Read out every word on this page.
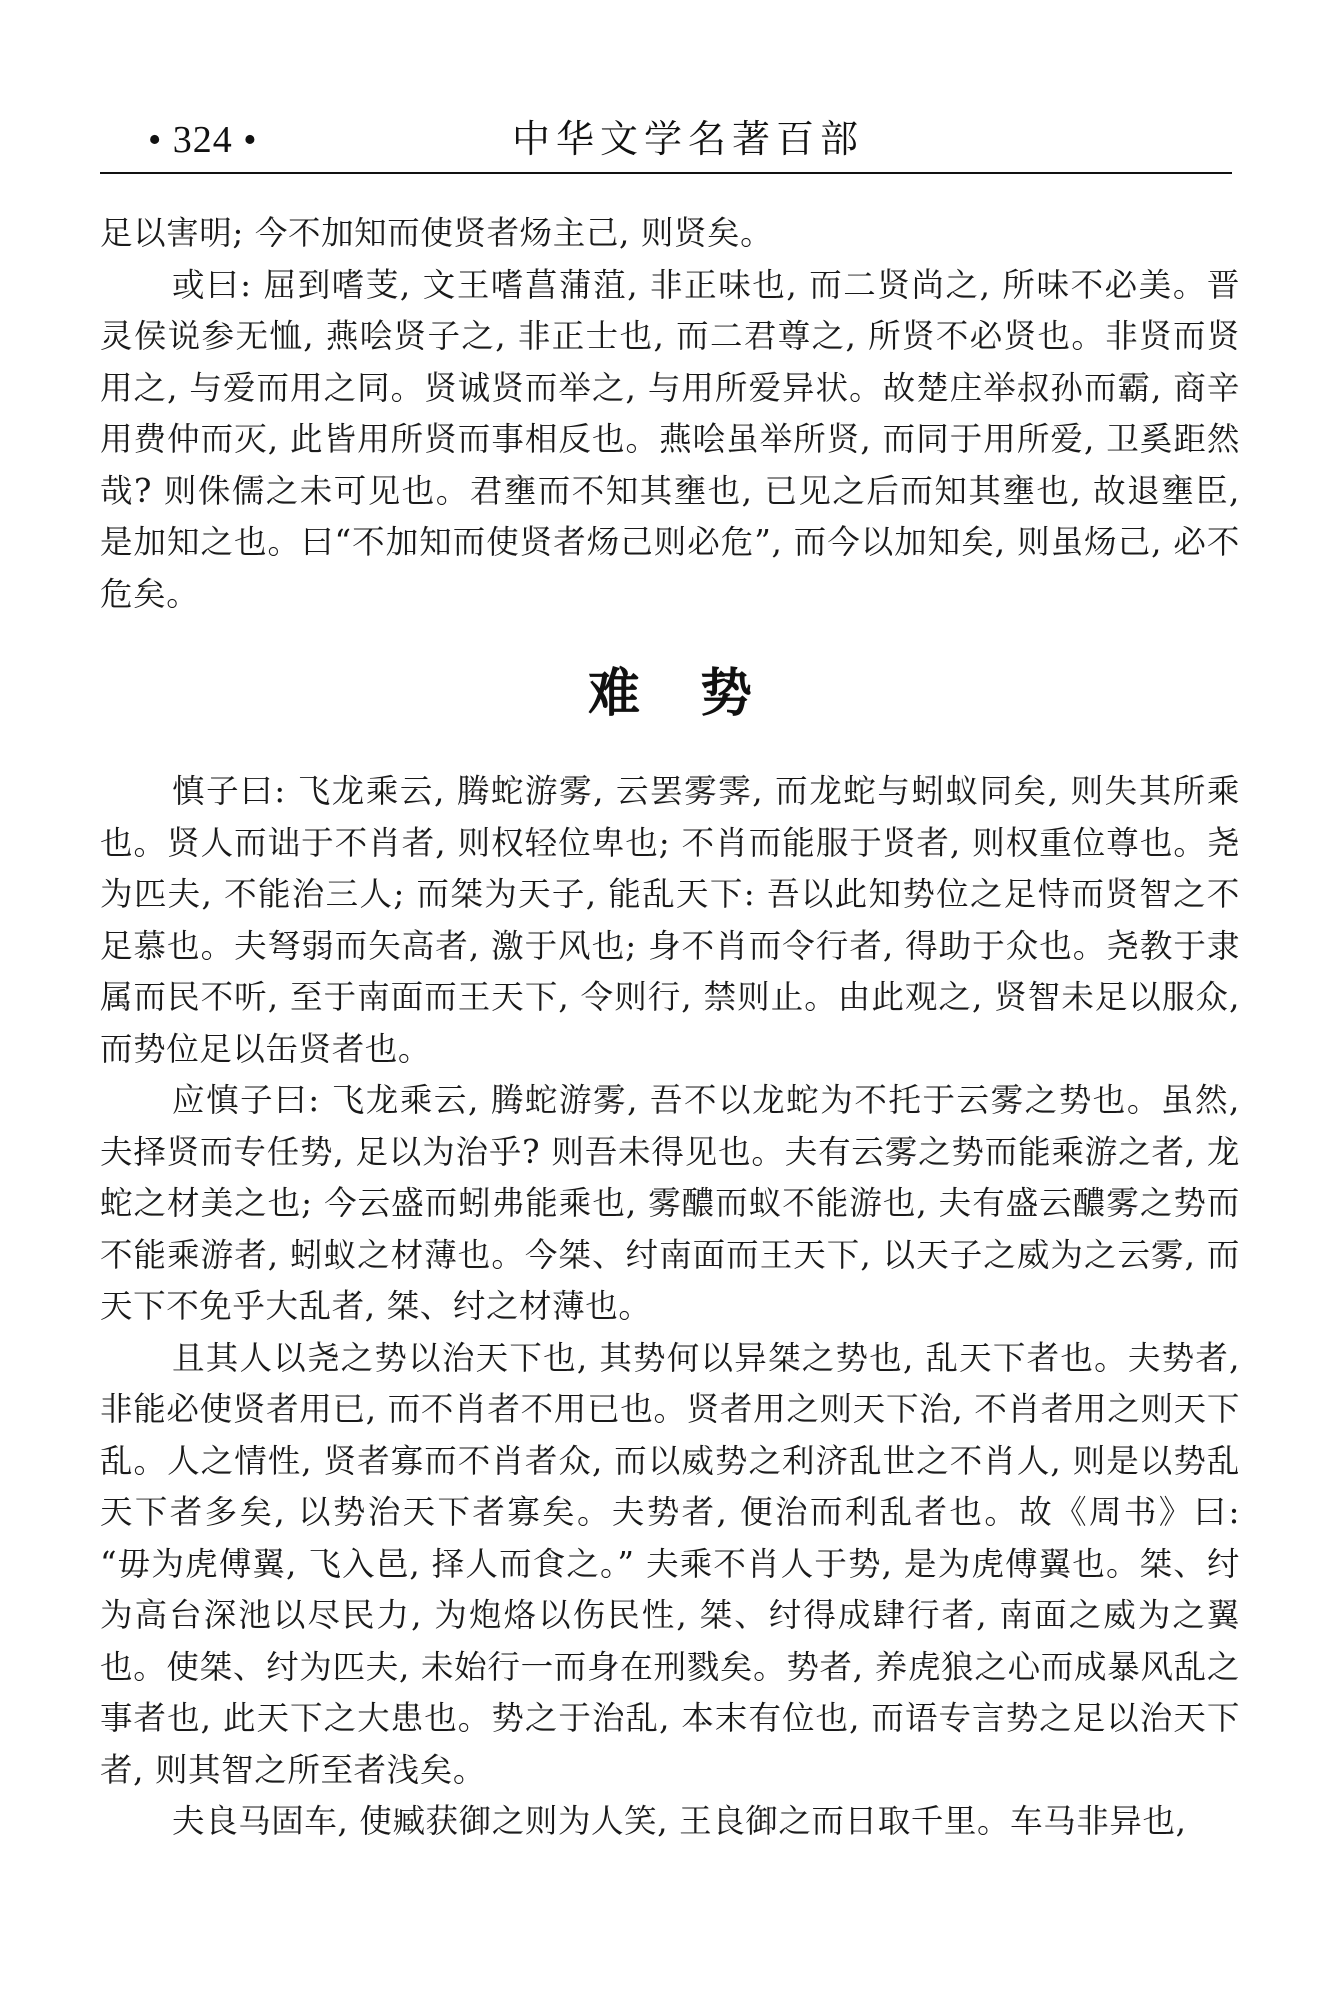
• 324 •	中华文学名著百部

足以害明; 今不加知而使贤者炀主己, 则贤矣。

或曰: 屈到嗜芰, 文王嗜菖蒲菹, 非正味也, 而二贤尚之, 所味不必美。晋灵侯说参无恤, 燕哙贤子之, 非正士也, 而二君尊之, 所贤不必贤也。非贤而贤用之, 与爱而用之同。贤诚贤而举之, 与用所爱异状。故楚庄举叔孙而霸, 商辛用费仲而灭, 此皆用所贤而事相反也。燕哙虽举所贤, 而同于用所爱, 卫奚距然哉? 则侏儒之未可见也。君壅而不知其壅也, 已见之后而知其壅也, 故退壅臣, 是加知之也。曰“不加知而使贤者炀己则必危”, 而今以加知矣, 则虽炀己, 必不危矣。

难势

慎子曰: 飞龙乘云, 腾蛇游雾, 云罢雾霁, 而龙蛇与蚓蚁同矣, 则失其所乘也。贤人而诎于不肖者, 则权轻位卑也; 不肖而能服于贤者, 则权重位尊也。尧为匹夫, 不能治三人; 而桀为天子, 能乱天下: 吾以此知势位之足恃而贤智之不足慕也。夫弩弱而矢高者, 激于风也; 身不肖而令行者, 得助于众也。尧教于隶属而民不听, 至于南面而王天下, 令则行, 禁则止。由此观之, 贤智未足以服众, 而势位足以缶贤者也。

应慎子曰: 飞龙乘云, 腾蛇游雾, 吾不以龙蛇为不托于云雾之势也。虽然, 夫择贤而专任势, 足以为治乎? 则吾未得见也。夫有云雾之势而能乘游之者, 龙蛇之材美之也; 今云盛而蚓弗能乘也, 雾醲而蚁不能游也, 夫有盛云醲雾之势而不能乘游者, 蚓蚁之材薄也。今桀、纣南面而王天下, 以天子之威为之云雾, 而天下不免乎大乱者, 桀、纣之材薄也。

且其人以尧之势以治天下也, 其势何以异桀之势也, 乱天下者也。夫势者, 非能必使贤者用已, 而不肖者不用已也。贤者用之则天下治, 不肖者用之则天下乱。人之情性, 贤者寡而不肖者众, 而以威势之利济乱世之不肖人, 则是以势乱天下者多矣, 以势治天下者寡矣。夫势者, 便治而利乱者也。故《周书》曰: “毋为虎傅翼, 飞入邑, 择人而食之。” 夫乘不肖人于势, 是为虎傅翼也。桀、纣为高台深池以尽民力, 为炮烙以伤民性, 桀、纣得成肆行者, 南面之威为之翼也。使桀、纣为匹夫, 未始行一而身在刑戮矣。势者, 养虎狼之心而成暴风乱之事者也, 此天下之大患也。势之于治乱, 本末有位也, 而语专言势之足以治天下者, 则其智之所至者浅矣。

夫良马固车, 使臧获御之则为人笑, 王良御之而日取千里。车马非异也,
